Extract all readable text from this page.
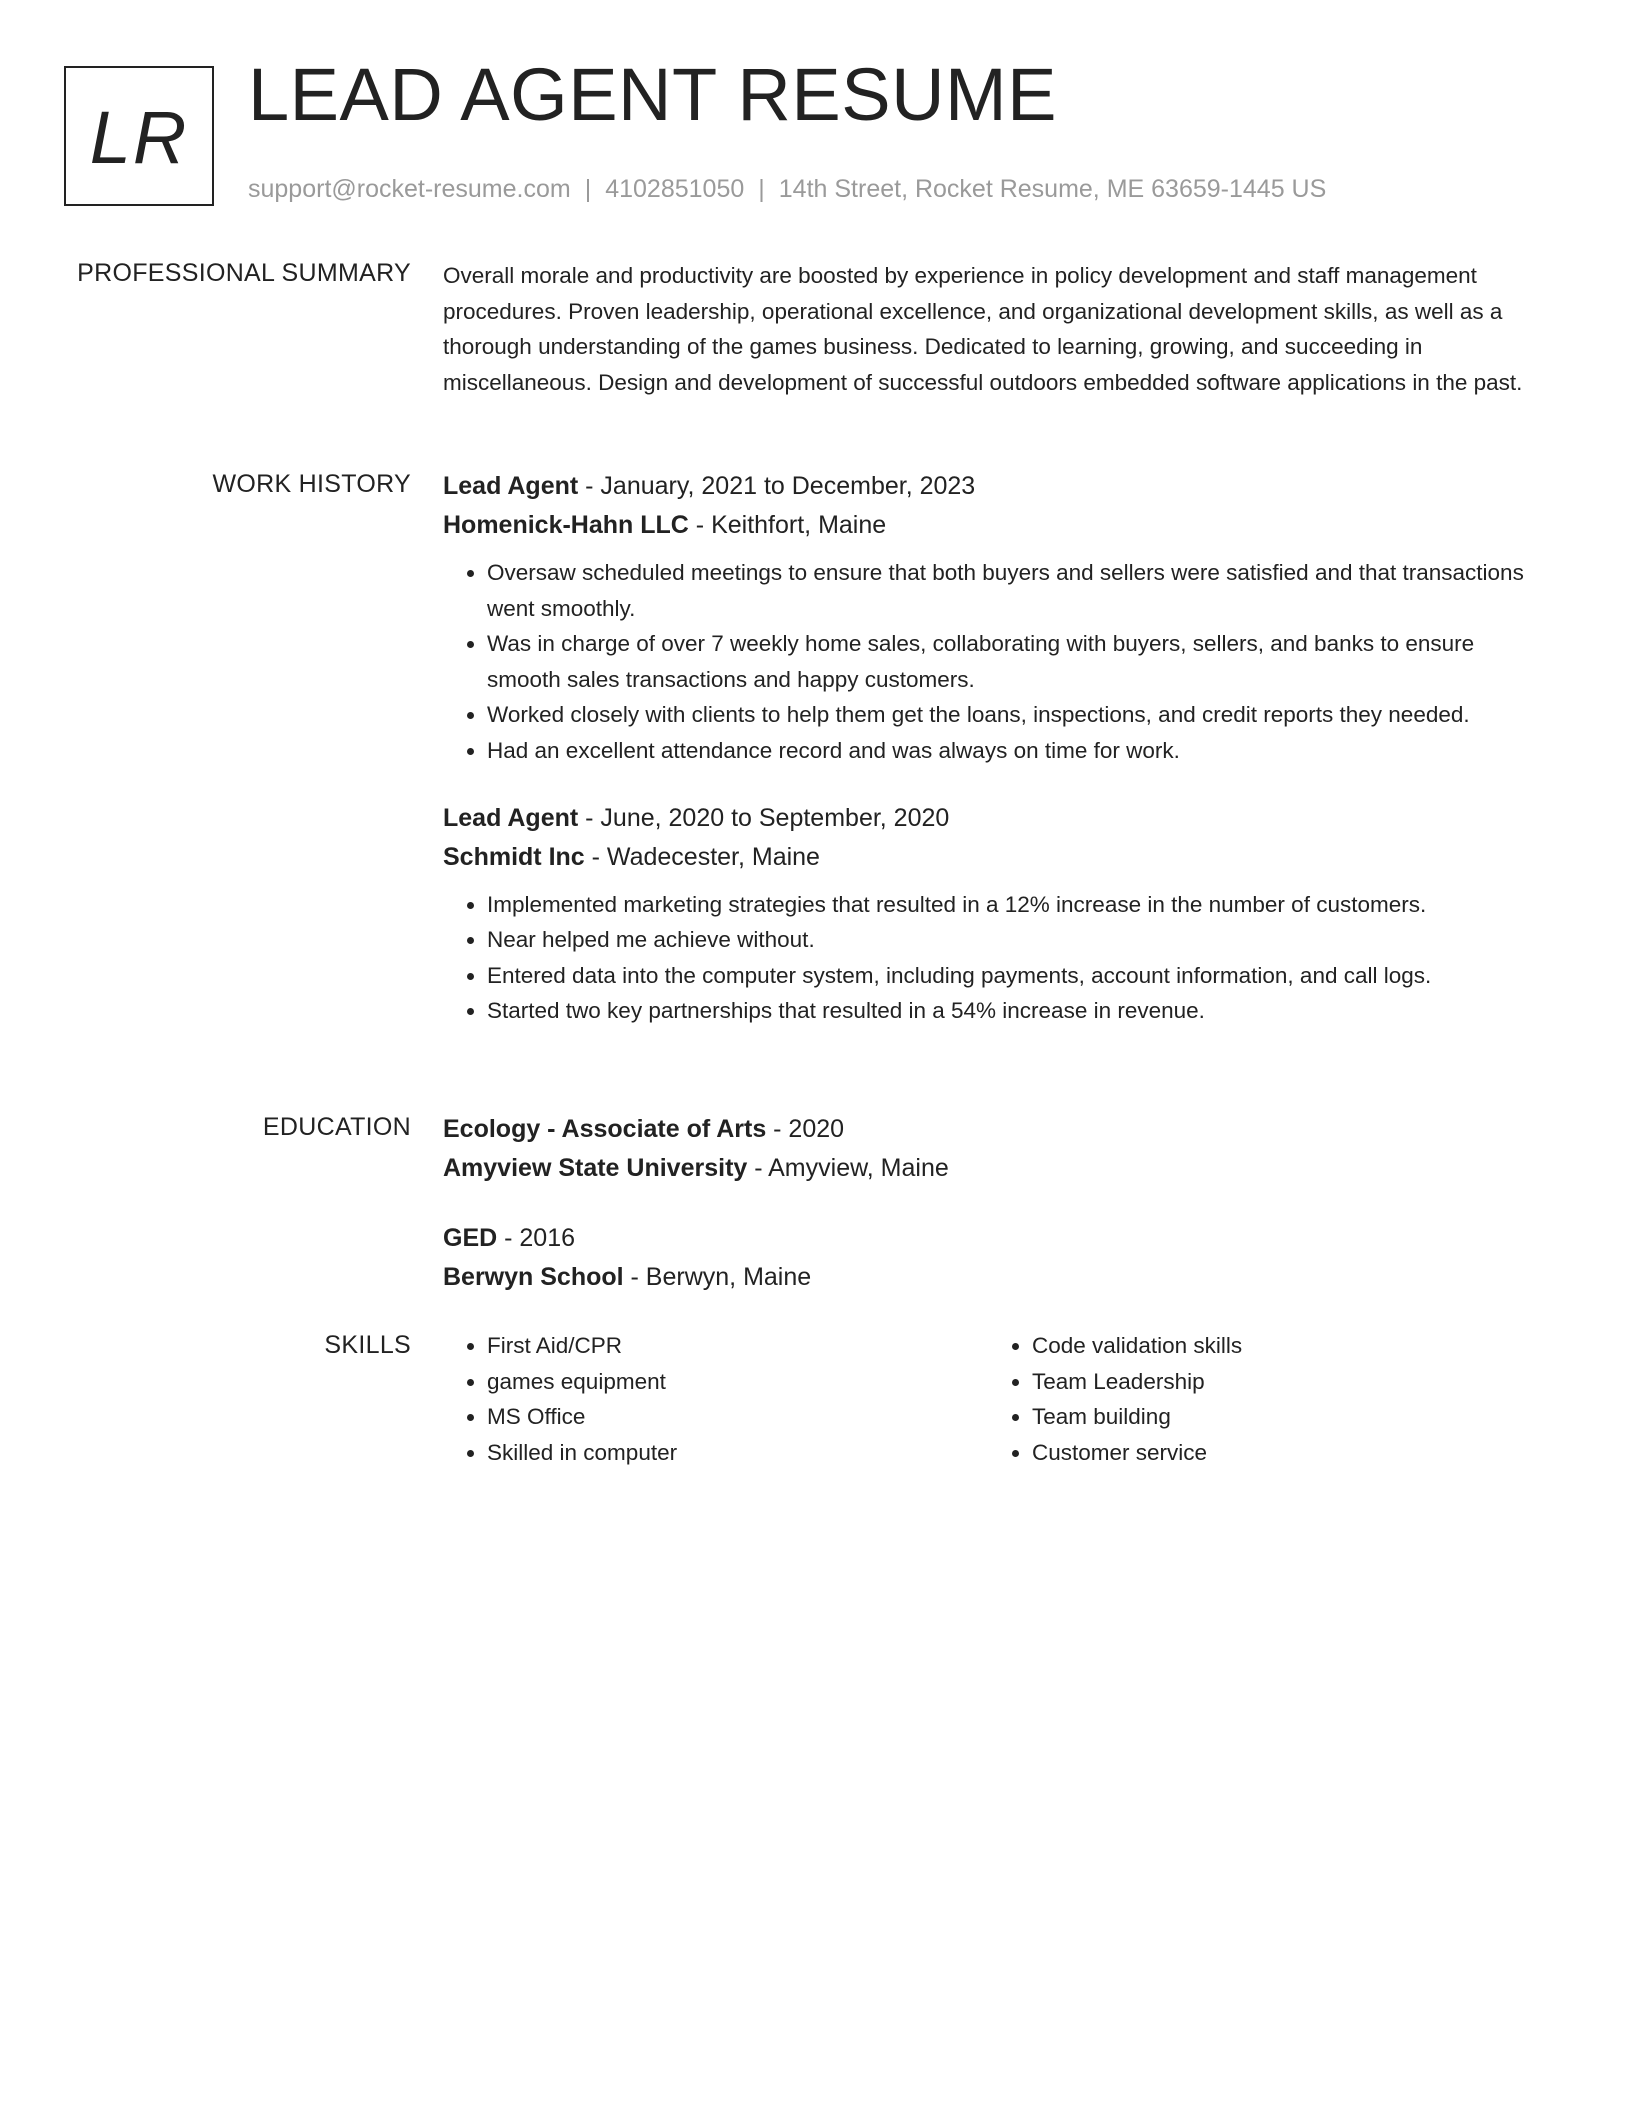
LR
LEAD AGENT RESUME
support@rocket-resume.com | 4102851050 | 14th Street, Rocket Resume, ME 63659-1445 US
PROFESSIONAL SUMMARY Overall morale and productivity are boosted by experience in policy development and staff management procedures. Proven leadership, operational excellence, and organizational development skills, as well as a thorough understanding of the games business. Dedicated to learning, growing, and succeeding in miscellaneous. Design and development of successful outdoors embedded software applications in the past.

WORK HISTORY Lead Agent - January, 2021 to December, 2023
Homenick-Hahn LLC - Keithfort, Maine
• Oversaw scheduled meetings to ensure that both buyers and sellers were satisfied and that transactions went smoothly.
• Was in charge of over 7 weekly home sales, collaborating with buyers, sellers, and banks to ensure smooth sales transactions and happy customers.
• Worked closely with clients to help them get the loans, inspections, and credit reports they needed.
• Had an excellent attendance record and was always on time for work.
Lead Agent - June, 2020 to September, 2020
Schmidt Inc - Wadecester, Maine
• Implemented marketing strategies that resulted in a 12% increase in the number of customers.
• Near helped me achieve without.
• Entered data into the computer system, including payments, account information, and call logs.
• Started two key partnerships that resulted in a 54% increase in revenue.
EDUCATION Ecology - Associate of Arts - 2020
Amyview State University - Amyview, Maine
GED - 2016
Berwyn School - Berwyn, Maine
SKILLS
•	First Aid/CPR
• games equipment
• MS Office
• Skilled in computer
• Code validation skills
• Team Leadership
• Team building
• Customer service
